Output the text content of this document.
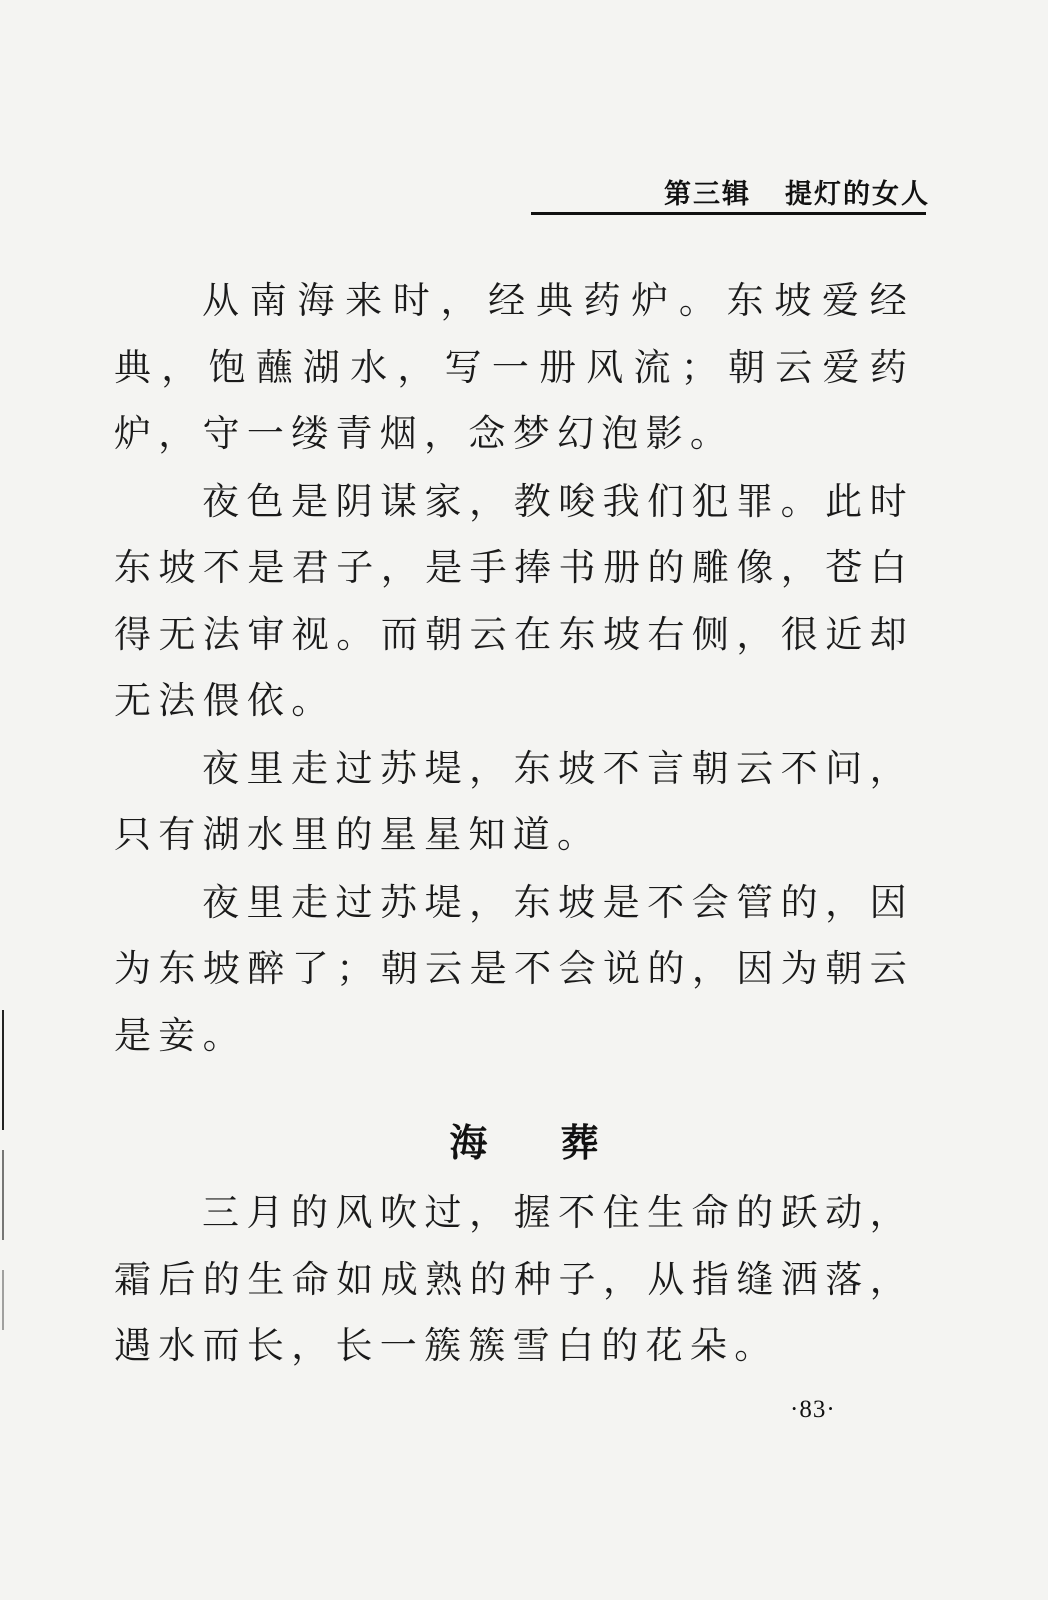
第三辑 提灯的女人

从南海来时，经典药炉。东坡爱经典，饱蘸湖水，写一册风流；朝云爱药炉，守一缕青烟，念梦幻泡影。

夜色是阴谋家，教唆我们犯罪。此时东坡不是君子，是手捧书册的雕像，苍白得无法审视。而朝云在东坡右侧，很近却无法偎依。

夜里走过苏堤，东坡不言朝云不问，只有湖水里的星星知道。

夜里走过苏堤，东坡是不会管的，因为东坡醉了；朝云是不会说的，因为朝云是妾。

海 葬

三月的风吹过，握不住生命的跃动，霜后的生命如成熟的种子，从指缝洒落，遇水而长，长一簇簇雪白的花朵。

·83·
